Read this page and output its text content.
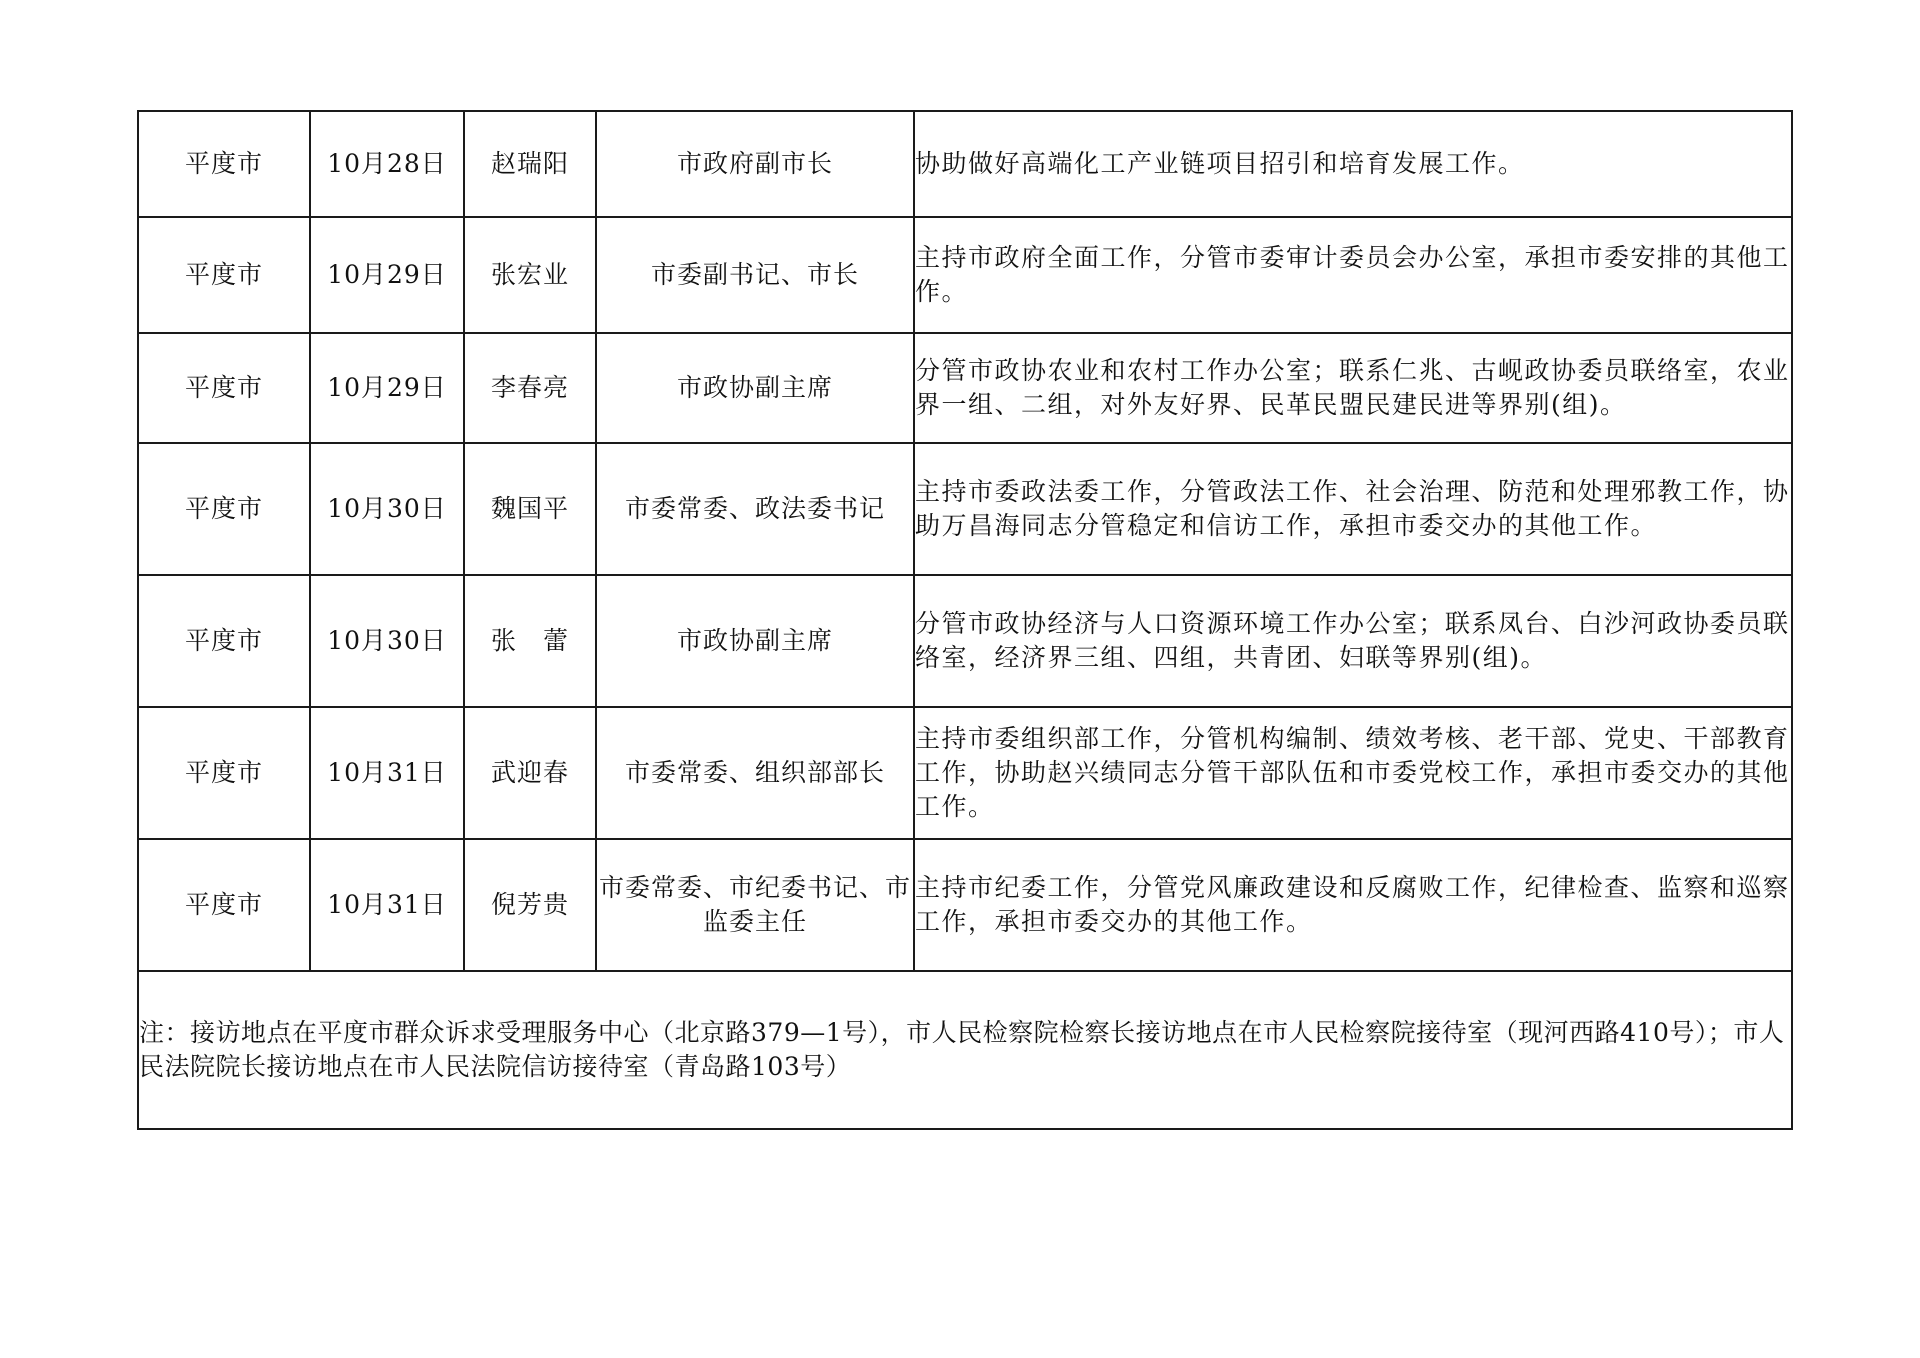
平度市	10月28日	赵瑞阳	市政府副市长	协助做好高端化工产业链项目招引和培育发展工作。
平度市	10月29日	张宏业	市委副书记、市长	主持市政府全面工作，分管市委审计委员会办公室，承担市委安排的其他工作。
平度市	10月29日	李春亮	市政协副主席	分管市政协农业和农村工作办公室；联系仁兆、古岘政协委员联络室，农业界一组、二组，对外友好界、民革民盟民建民进等界别(组)。
平度市	10月30日	魏国平	市委常委、政法委书记	主持市委政法委工作，分管政法工作、社会治理、防范和处理邪教工作，协助万昌海同志分管稳定和信访工作，承担市委交办的其他工作。
平度市	10月30日	张　蕾	市政协副主席	分管市政协经济与人口资源环境工作办公室；联系凤台、白沙河政协委员联络室，经济界三组、四组，共青团、妇联等界别(组)。
平度市	10月31日	武迎春	市委常委、组织部部长	主持市委组织部工作，分管机构编制、绩效考核、老干部、党史、干部教育工作，协助赵兴绩同志分管干部队伍和市委党校工作，承担市委交办的其他工作。
平度市	10月31日	倪芳贵	市委常委、市纪委书记、市监委主任	主持市纪委工作，分管党风廉政建设和反腐败工作，纪律检查、监察和巡察工作，承担市委交办的其他工作。
注：接访地点在平度市群众诉求受理服务中心（北京路379—1号），市人民检察院检察长接访地点在市人民检察院接待室（现河西路410号）；市人民法院院长接访地点在市人民法院信访接待室（青岛路103号）				
